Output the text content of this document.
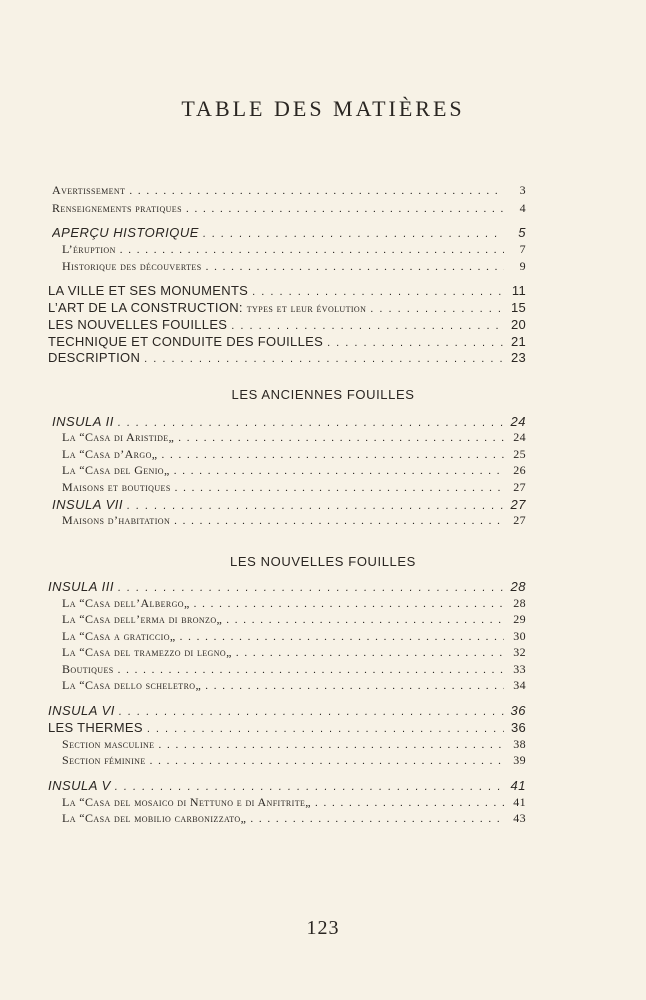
TABLE DES MATIÈRES
Avertissement . . .	3
Renseignements pratiques . . .	4
APERÇU HISTORIQUE . . .	5
L’éruption . . .	7
Historique des découvertes . . .	9
LA VILLE ET SES MONUMENTS . . .	11
L’ART DE LA CONSTRUCTION: types et leur évolution . . .	15
LES NOUVELLES FOUILLES . . .	20
TECHNIQUE ET CONDUITE DES FOUILLES . . .	21
DESCRIPTION . . .	23
LES ANCIENNES FOUILLES
INSULA II . . .	24
La “Casa di Aristide„ . . .	24
La “Casa d’Argo„ . . .	25
La “Casa del Genio„ . . .	26
Maisons et boutiques . . .	27
INSULA VII . . .	27
Maisons d’habitation . . .	27
LES NOUVELLES FOUILLES
INSULA III . . .	28
La “Casa dell’Albergo„ . . .	28
La “Casa dell’erma di bronzo„ . . .	29
La “Casa a graticcio„ . . .	30
La “Casa del tramezzo di legno„ . . .	32
Boutiques . . .	33
La “Casa dello scheletro„ . . .	34
INSULA VI . . .	36
LES THERMES . . .	36
Section masculine . . .	38
Section féminine . . .	39
INSULA V . . .	41
La “Casa del mosaico di Nettuno e di Anfitrite„ . . .	41
La “Casa del mobilio carbonizzato„ . . .	43
123
